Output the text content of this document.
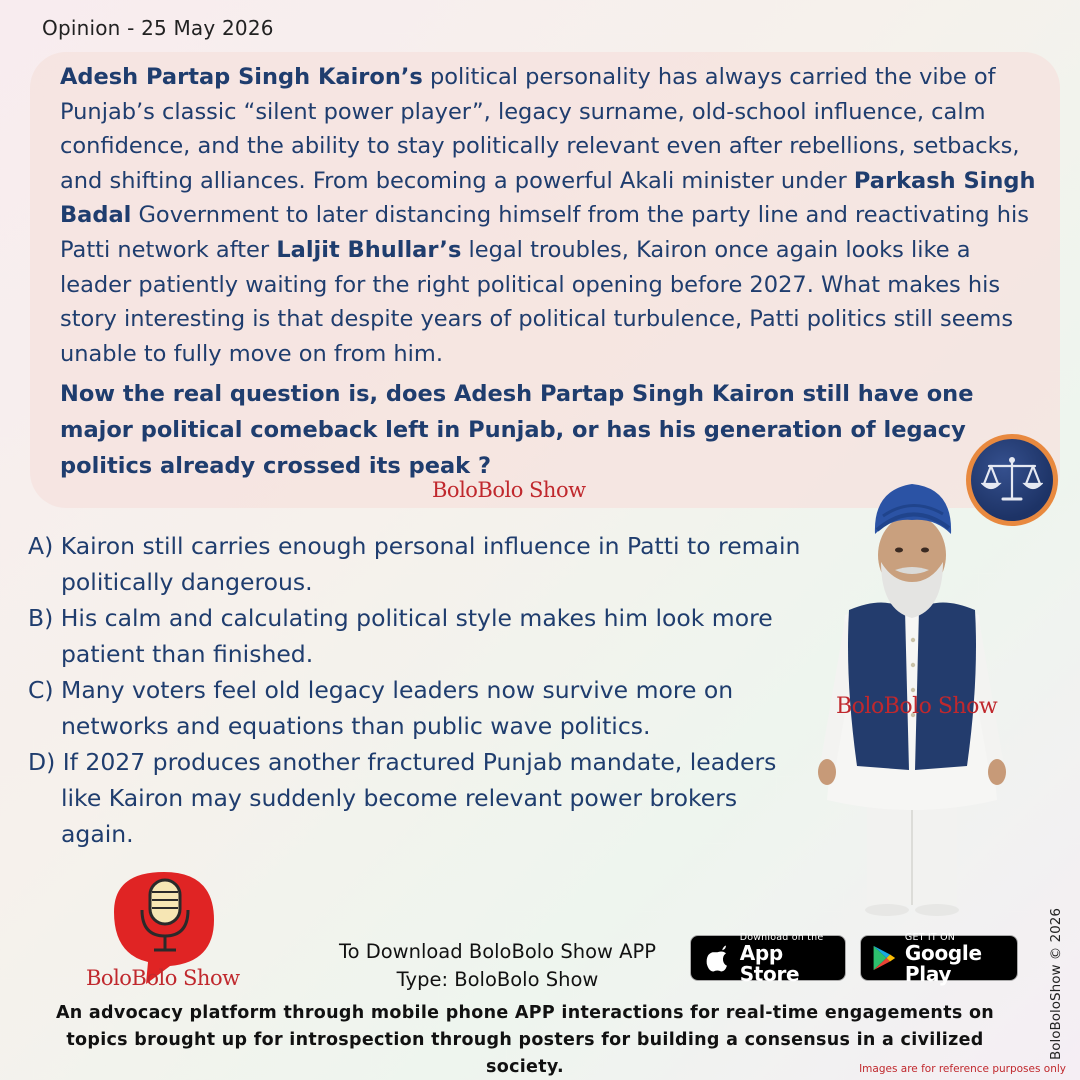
Opinion - 25 May 2026
Adesh Partap Singh Kairon’s political personality has always carried the vibe of Punjab’s classic “silent power player”, legacy surname, old-school influence, calm confidence, and the ability to stay politically relevant even after rebellions, setbacks, and shifting alliances. From becoming a powerful Akali minister under Parkash Singh Badal Government to later distancing himself from the party line and reactivating his Patti network after Laljit Bhullar’s legal troubles, Kairon once again looks like a leader patiently waiting for the right political opening before 2027. What makes his story interesting is that despite years of political turbulence, Patti politics still seems unable to fully move on from him.
Now the real question is, does Adesh Partap Singh Kairon still have one major political comeback left in Punjab, or has his generation of legacy politics already crossed its peak ?
BoloBolo Show
A) Kairon still carries enough personal influence in Patti to remain politically dangerous.
B) His calm and calculating political style makes him look more patient than finished.
C) Many voters feel old legacy leaders now survive more on networks and equations than public wave politics.
D) If 2027 produces another fractured Punjab mandate, leaders like Kairon may suddenly become relevant power brokers again.
BoloBolo Show
BoloBolo Show
To Download BoloBolo Show APP
Type: BoloBolo Show
Download on the
App Store
GET IT ON
Google Play
An advocacy platform through mobile phone APP interactions for real-time engagements on topics brought up for introspection through posters for building a consensus in a civilized society.
BoloBoloShow © 2026
Images are for reference purposes only
